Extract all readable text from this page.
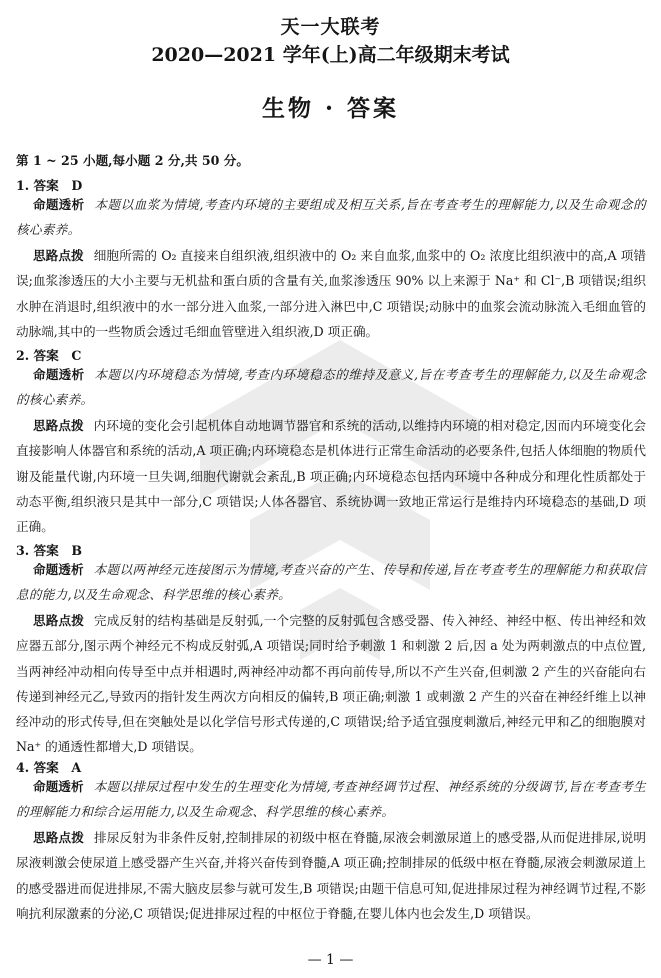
天一大联考
2020—2021 学年(上)高二年级期末考试
生物 · 答案
第 1 ~ 25 小题,每小题 2 分,共 50 分。
1. 答案　D
命题透析 本题以血浆为情境,考查内环境的主要组成及相互关系,旨在考查考生的理解能力,以及生命观念的核心素养。
思路点拨 细胞所需的 O₂ 直接来自组织液,组织液中的 O₂ 来自血浆,血浆中的 O₂ 浓度比组织液中的高,A 项错误;血浆渗透压的大小主要与无机盐和蛋白质的含量有关,血浆渗透压 90% 以上来源于 Na⁺ 和 Cl⁻,B 项错误;组织水肿在消退时,组织液中的水一部分进入血浆,一部分进入淋巴中,C 项错误;动脉中的血浆会流动脉流入毛细血管的动脉端,其中的一些物质会透过毛细血管壁进入组织液,D 项正确。
2. 答案　C
命题透析 本题以内环境稳态为情境,考查内环境稳态的维持及意义,旨在考查考生的理解能力,以及生命观念的核心素养。
思路点拨 内环境的变化会引起机体自动地调节器官和系统的活动,以维持内环境的相对稳定,因而内环境变化会直接影响人体器官和系统的活动,A 项正确;内环境稳态是机体进行正常生命活动的必要条件,包括人体细胞的物质代谢及能量代谢,内环境一旦失调,细胞代谢就会紊乱,B 项正确;内环境稳态包括内环境中各种成分和理化性质都处于动态平衡,组织液只是其中一部分,C 项错误;人体各器官、系统协调一致地正常运行是维持内环境稳态的基础,D 项正确。
3. 答案　B
命题透析 本题以两神经元连接图示为情境,考查兴奋的产生、传导和传递,旨在考查考生的理解能力和获取信息的能力,以及生命观念、科学思维的核心素养。
思路点拨 完成反射的结构基础是反射弧,一个完整的反射弧包含感受器、传入神经、神经中枢、传出神经和效应器五部分,图示两个神经元不构成反射弧,A 项错误;同时给予刺激 1 和刺激 2 后,因 a 处为两刺激点的中点位置,当两神经冲动相向传导至中点并相遇时,两神经冲动都不再向前传导,所以不产生兴奋,但刺激 2 产生的兴奋能向右传递到神经元乙,导致丙的指针发生两次方向相反的偏转,B 项正确;刺激 1 或刺激 2 产生的兴奋在神经纤维上以神经冲动的形式传导,但在突触处是以化学信号形式传递的,C 项错误;给予适宜强度刺激后,神经元甲和乙的细胞膜对 Na⁺ 的通透性都增大,D 项错误。
4. 答案　A
命题透析 本题以排尿过程中发生的生理变化为情境,考查神经调节过程、神经系统的分级调节,旨在考查考生的理解能力和综合运用能力,以及生命观念、科学思维的核心素养。
思路点拨 排尿反射为非条件反射,控制排尿的初级中枢在脊髓,尿液会刺激尿道上的感受器,从而促进排尿,说明尿液刺激会使尿道上感受器产生兴奋,并将兴奋传到脊髓,A 项正确;控制排尿的低级中枢在脊髓,尿液会刺激尿道上的感受器进而促进排尿,不需大脑皮层参与就可发生,B 项错误;由题干信息可知,促进排尿过程为神经调节过程,不影响抗利尿激素的分泌,C 项错误;促进排尿过程的中枢位于脊髓,在婴儿体内也会发生,D 项错误。
— 1 —
